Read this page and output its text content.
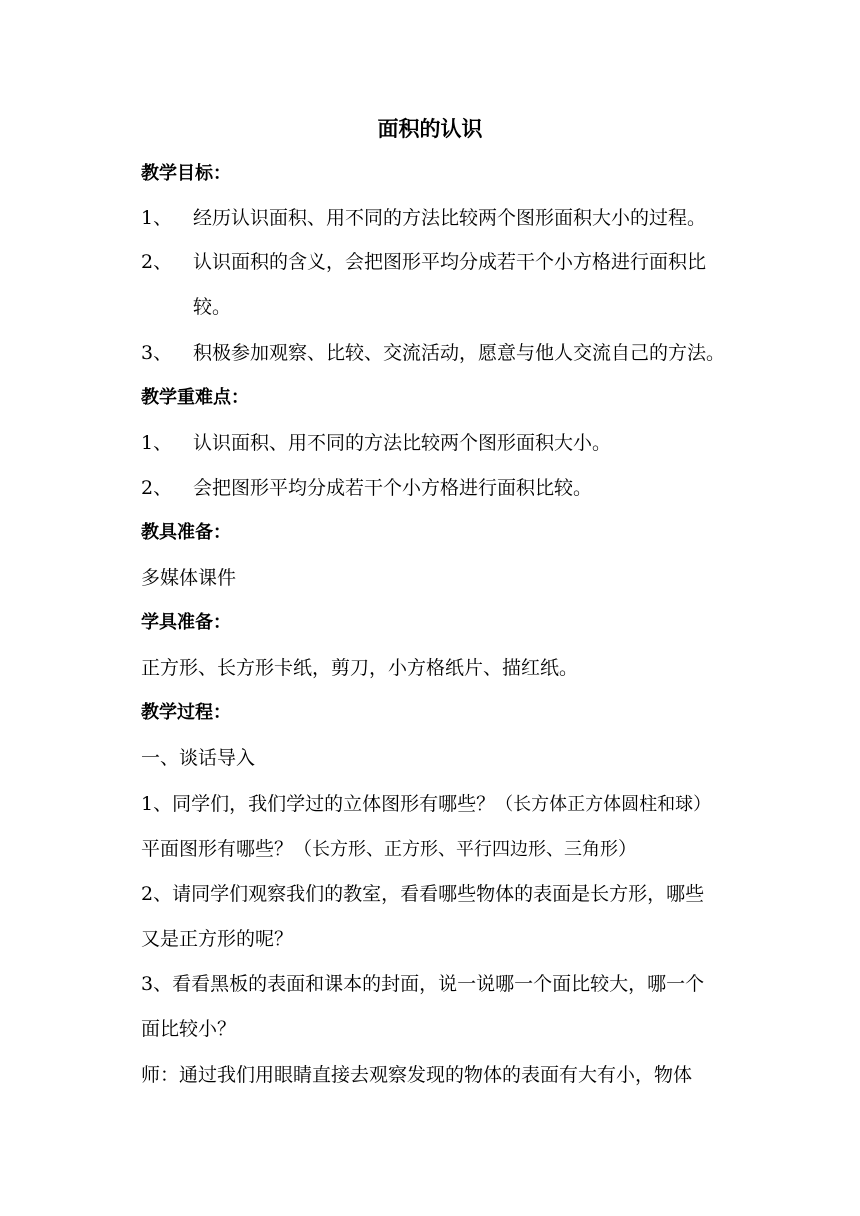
面积的认识
教学目标：
1、 经历认识面积、用不同的方法比较两个图形面积大小的过程。
2、 认识面积的含义，会把图形平均分成若干个小方格进行面积比
较。
3、 积极参加观察、比较、交流活动，愿意与他人交流自己的方法。
教学重难点：
1、 认识面积、用不同的方法比较两个图形面积大小。
2、 会把图形平均分成若干个小方格进行面积比较。
教具准备：
多媒体课件
学具准备：
正方形、长方形卡纸，剪刀，小方格纸片、描红纸。
教学过程：
一、谈话导入
1、同学们，我们学过的立体图形有哪些？（长方体正方体圆柱和球）
平面图形有哪些？（长方形、正方形、平行四边形、三角形）
2、请同学们观察我们的教室，看看哪些物体的表面是长方形，哪些
又是正方形的呢？
3、看看黑板的表面和课本的封面，说一说哪一个面比较大，哪一个
面比较小？
师：通过我们用眼睛直接去观察发现的物体的表面有大有小，物体
